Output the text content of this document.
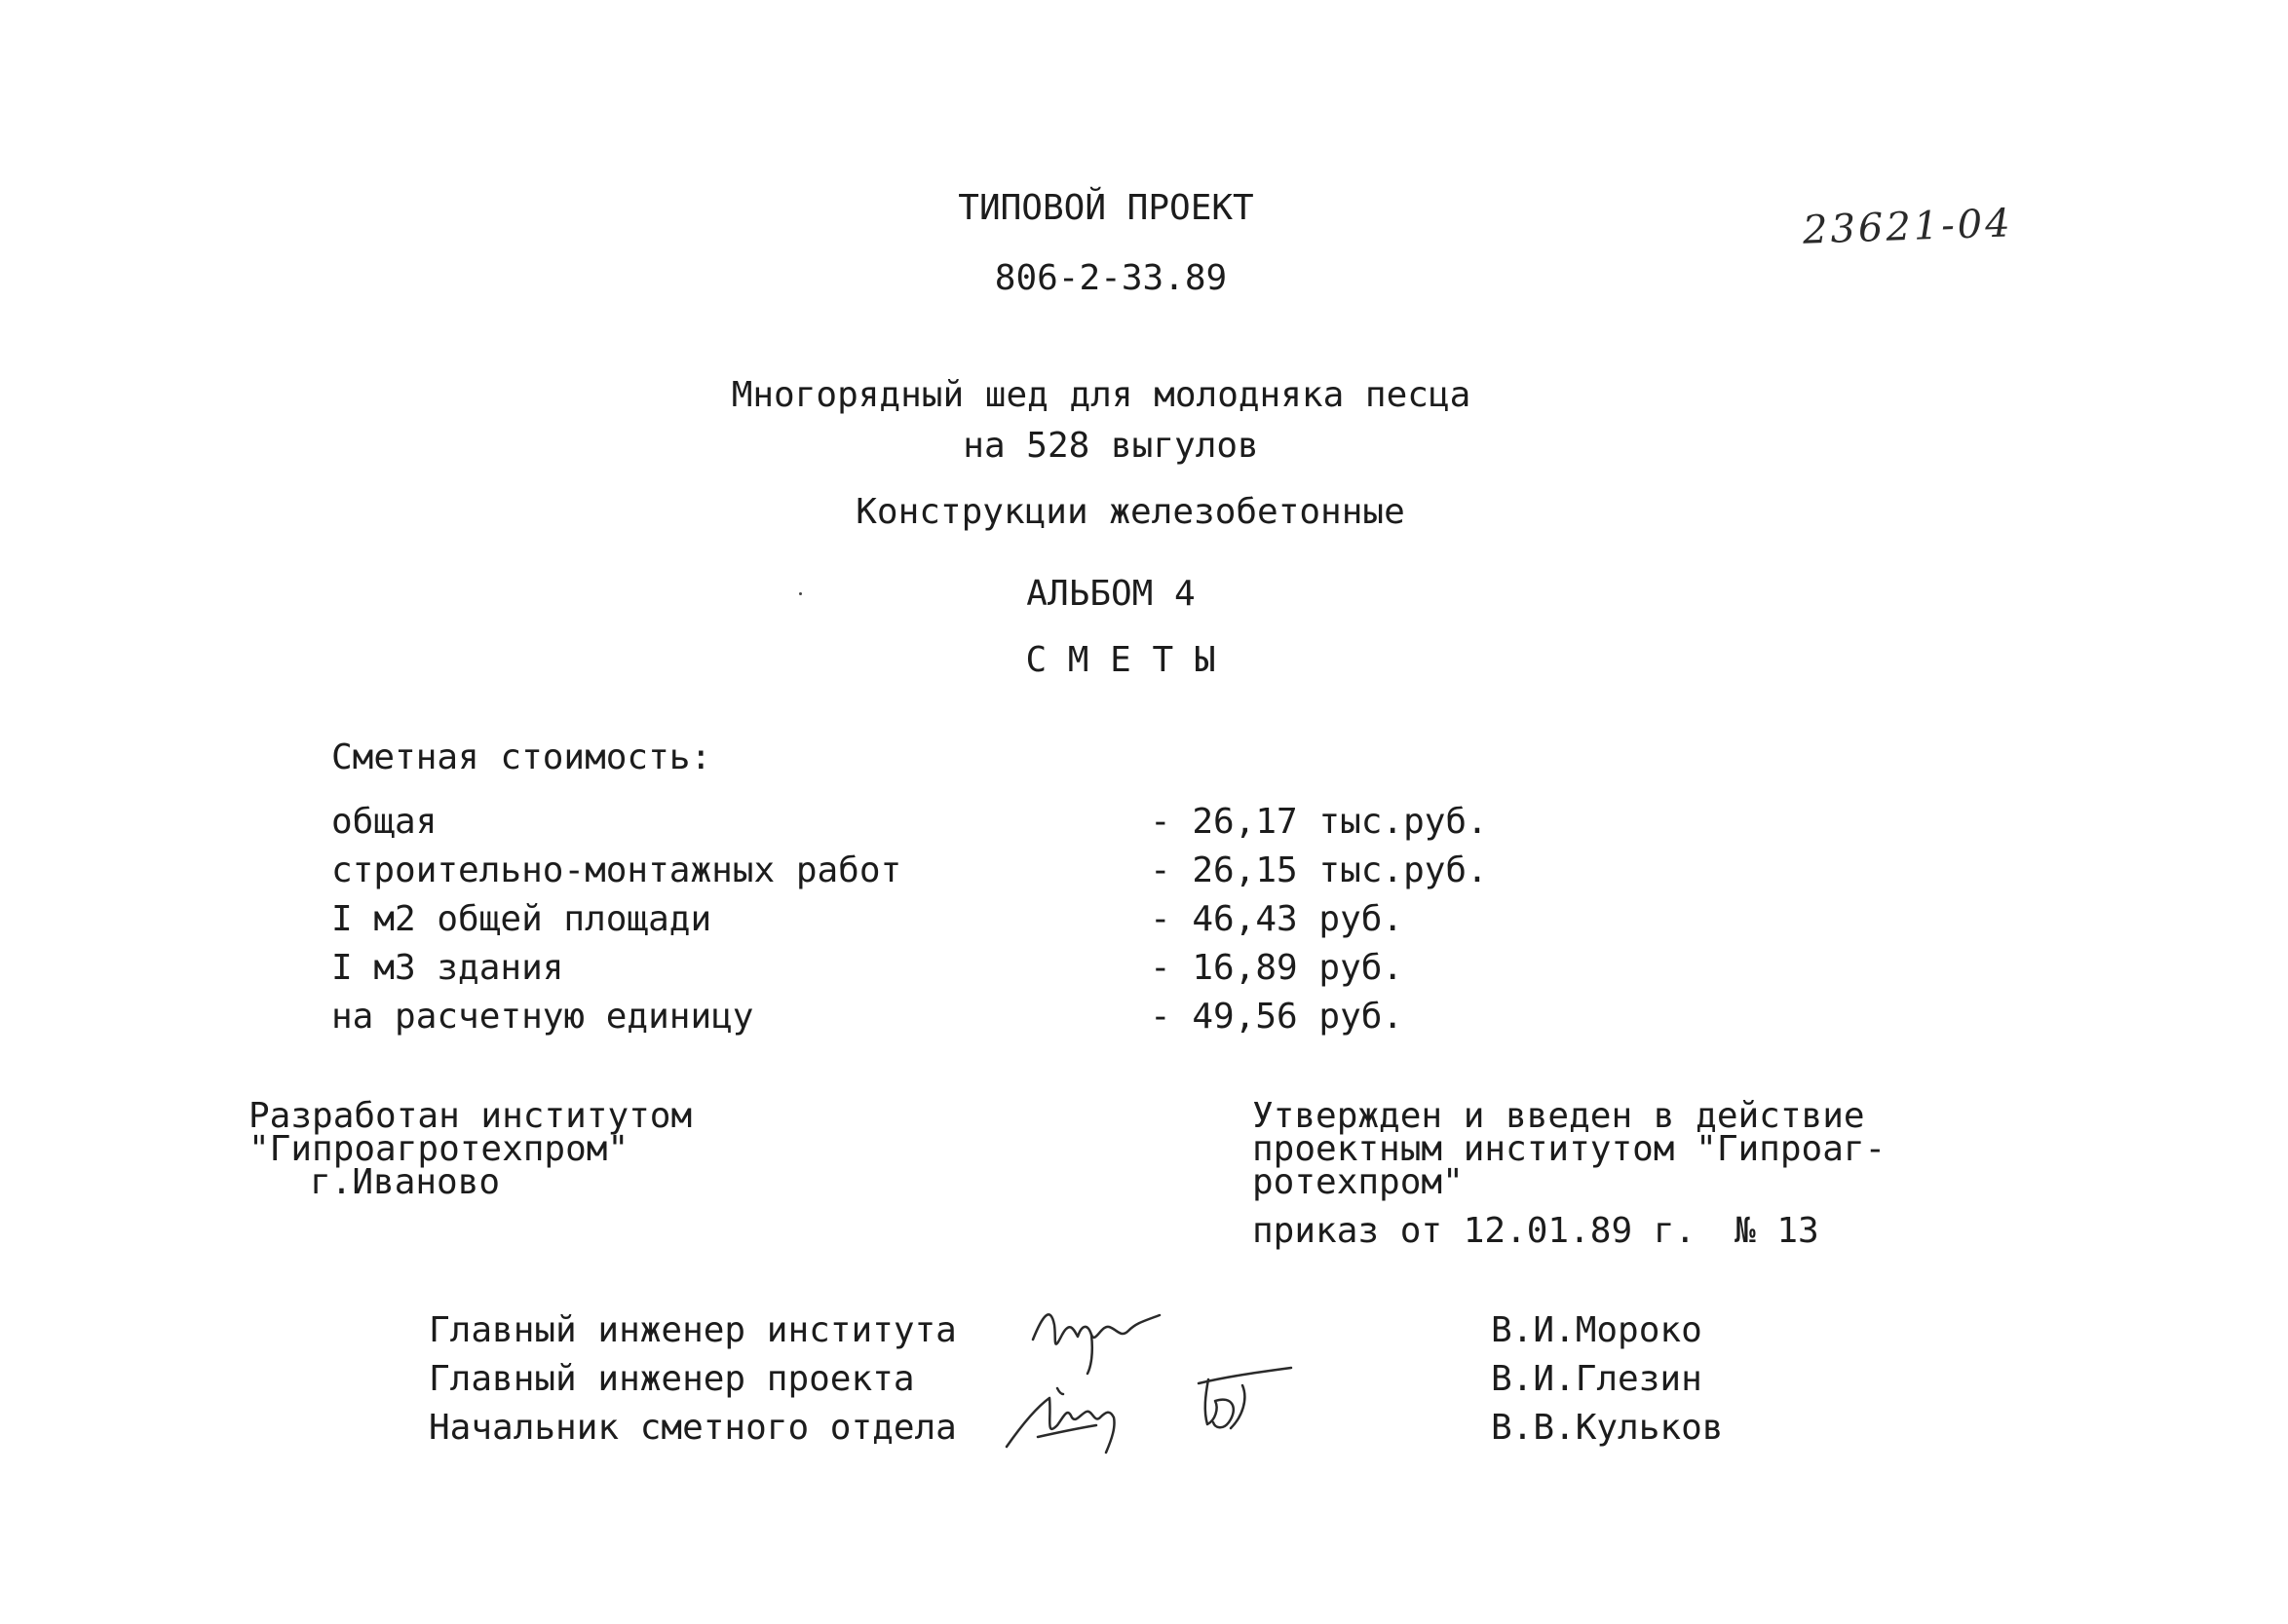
ТИПОВОЙ ПРОЕКТ
806-2-33.89
23621-04
Многорядный шед для молодняка песца
на 528 выгулов
Конструкции железобетонные
АЛЬБОМ 4
С М Е Т Ы
Сметная стоимость:
общая	- 26,17 тыс.руб.
строительно-монтажных работ	- 26,15 тыс.руб.
I м2 общей площади	- 46,43 руб.
I м3 здания	- 16,89 руб.
на расчетную единицу	- 49,56 руб.
Разработан институтом
"Гипроагротехпром"
г.Иваново
Утвержден и введен в действие
проектным институтом "Гипроаг-
ротехпром"
приказ от 12.01.89 г. № 13
Главный инженер института	В.И.Мороко
Главный инженер проекта	В.И.Глезин
Начальник сметного отдела	В.В.Кульков
